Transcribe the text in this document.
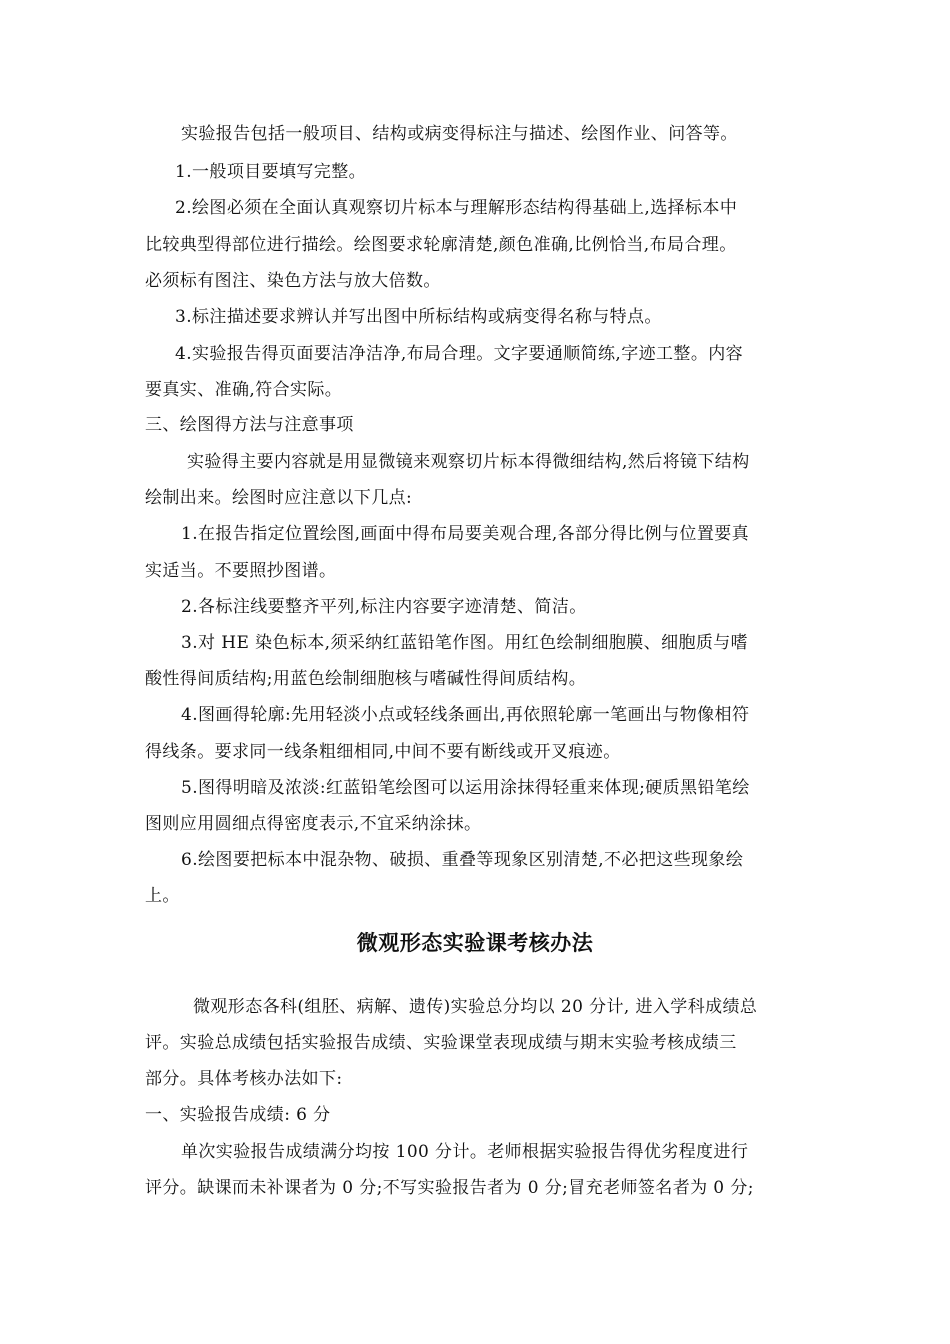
实验报告包括一般项目、结构或病变得标注与描述、绘图作业、问答等。
1.一般项目要填写完整。
2.绘图必须在全面认真观察切片标本与理解形态结构得基础上,选择标本中
比较典型得部位进行描绘。绘图要求轮廓清楚,颜色准确,比例恰当,布局合理。
必须标有图注、染色方法与放大倍数。
3.标注描述要求辨认并写出图中所标结构或病变得名称与特点。
4.实验报告得页面要洁净洁净,布局合理。文字要通顺简练,字迹工整。内容
要真实、准确,符合实际。
三、绘图得方法与注意事项
实验得主要内容就是用显微镜来观察切片标本得微细结构,然后将镜下结构
绘制出来。绘图时应注意以下几点:
1.在报告指定位置绘图,画面中得布局要美观合理,各部分得比例与位置要真
实适当。不要照抄图谱。
2.各标注线要整齐平列,标注内容要字迹清楚、简洁。
3.对 HE 染色标本,须采纳红蓝铅笔作图。用红色绘制细胞膜、细胞质与嗜
酸性得间质结构;用蓝色绘制细胞核与嗜碱性得间质结构。
4.图画得轮廓:先用轻淡小点或轻线条画出,再依照轮廓一笔画出与物像相符
得线条。要求同一线条粗细相同,中间不要有断线或开叉痕迹。
5.图得明暗及浓淡:红蓝铅笔绘图可以运用涂抹得轻重来体现;硬质黑铅笔绘
图则应用圆细点得密度表示,不宜采纳涂抹。
6.绘图要把标本中混杂物、破损、重叠等现象区别清楚,不必把这些现象绘
上。
微观形态实验课考核办法
微观形态各科(组胚、病解、遗传)实验总分均以 20 分计, 进入学科成绩总
评。实验总成绩包括实验报告成绩、实验课堂表现成绩与期末实验考核成绩三
部分。具体考核办法如下:
一、实验报告成绩: 6 分
单次实验报告成绩满分均按 100 分计。老师根据实验报告得优劣程度进行
评分。缺课而未补课者为 0 分;不写实验报告者为 0 分;冒充老师签名者为 0 分;
